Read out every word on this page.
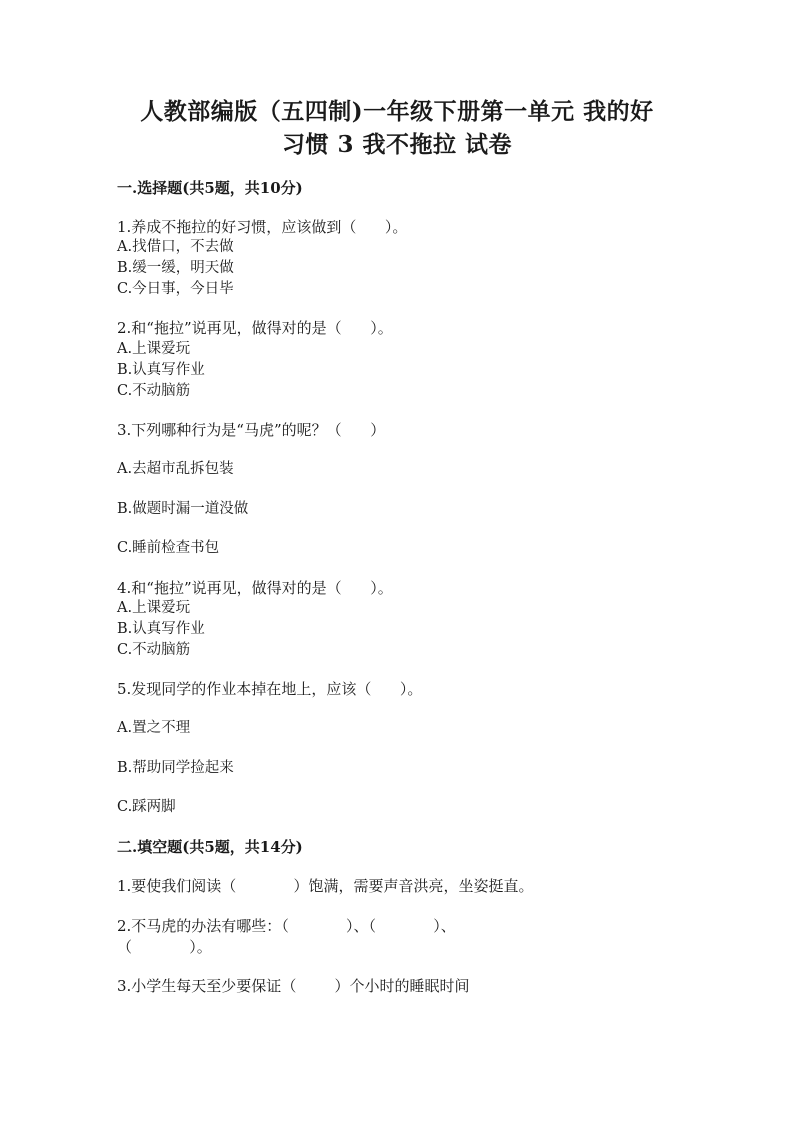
人教部编版（五四制)一年级下册第一单元 我的好
习惯 3 我不拖拉 试卷
一.选择题(共5题，共10分)
1.养成不拖拉的好习惯，应该做到（      ）。
A.找借口，不去做
B.缓一缓，明天做
C.今日事，今日毕
2.和“拖拉”说再见，做得对的是（      ）。
A.上课爱玩
B.认真写作业
C.不动脑筋
3.下列哪种行为是“马虎”的呢？（      ）
A.去超市乱拆包装
B.做题时漏一道没做
C.睡前检查书包
4.和“拖拉”说再见，做得对的是（      ）。
A.上课爱玩
B.认真写作业
C.不动脑筋
5.发现同学的作业本掉在地上，应该（      ）。
A.置之不理
B.帮助同学捡起来
C.踩两脚
二.填空题(共5题，共14分)
1.要使我们阅读（            ）饱满，需要声音洪亮，坐姿挺直。
2.不马虎的办法有哪些：（            ）、（            ）、
（            ）。
3.小学生每天至少要保证（        ）个小时的睡眠时间
